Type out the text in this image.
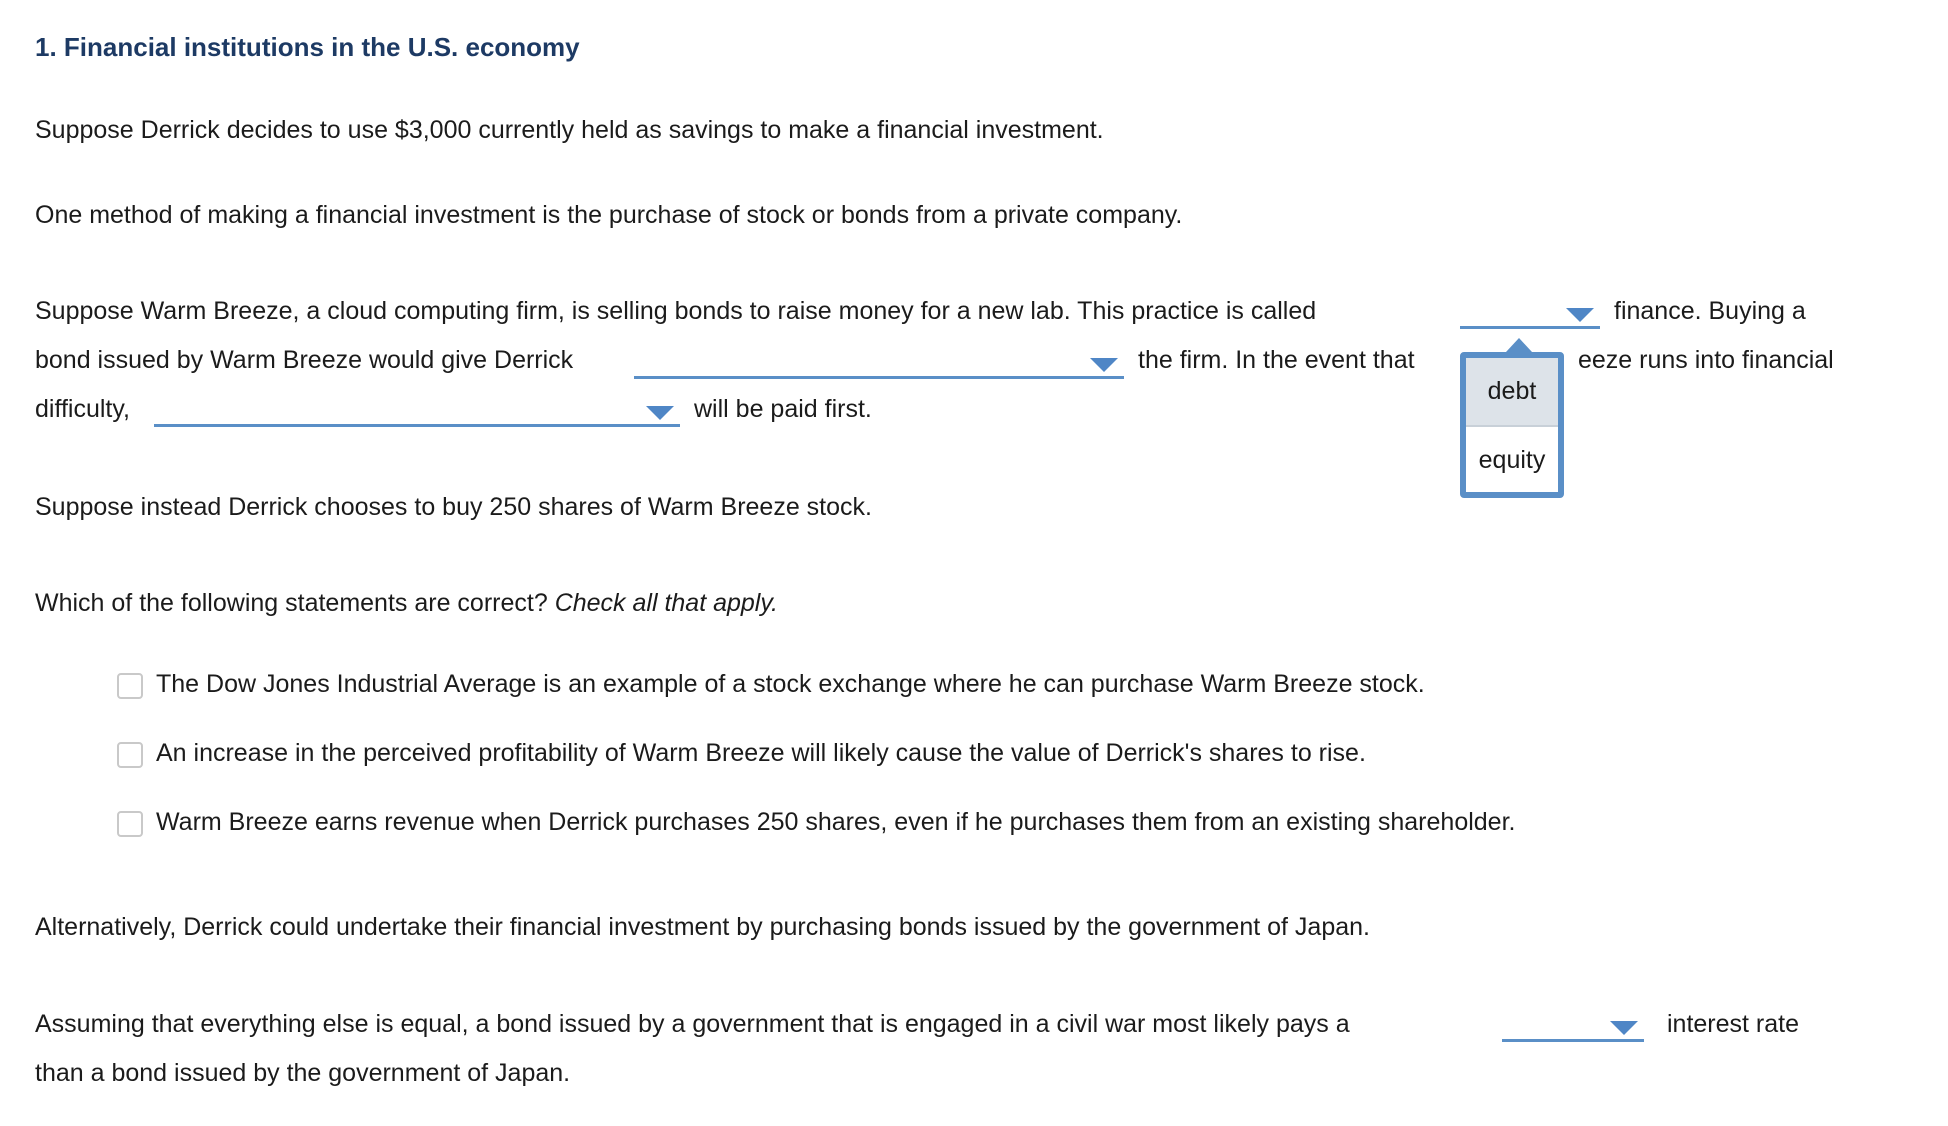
1. Financial institutions in the U.S. economy
Suppose Derrick decides to use $3,000 currently held as savings to make a financial investment.
One method of making a financial investment is the purchase of stock or bonds from a private company.
Suppose Warm Breeze, a cloud computing firm, is selling bonds to raise money for a new lab. This practice is called	finance. Buying a
bond issued by Warm Breeze would give Derrick	the firm. In the event that	eeze runs into financial
difficulty,	will be paid first.
debt
equity
Suppose instead Derrick chooses to buy 250 shares of Warm Breeze stock.
Which of the following statements are correct? Check all that apply.
The Dow Jones Industrial Average is an example of a stock exchange where he can purchase Warm Breeze stock.
An increase in the perceived profitability of Warm Breeze will likely cause the value of Derrick's shares to rise.
Warm Breeze earns revenue when Derrick purchases 250 shares, even if he purchases them from an existing shareholder.
Alternatively, Derrick could undertake their financial investment by purchasing bonds issued by the government of Japan.
Assuming that everything else is equal, a bond issued by a government that is engaged in a civil war most likely pays a	interest rate
than a bond issued by the government of Japan.
